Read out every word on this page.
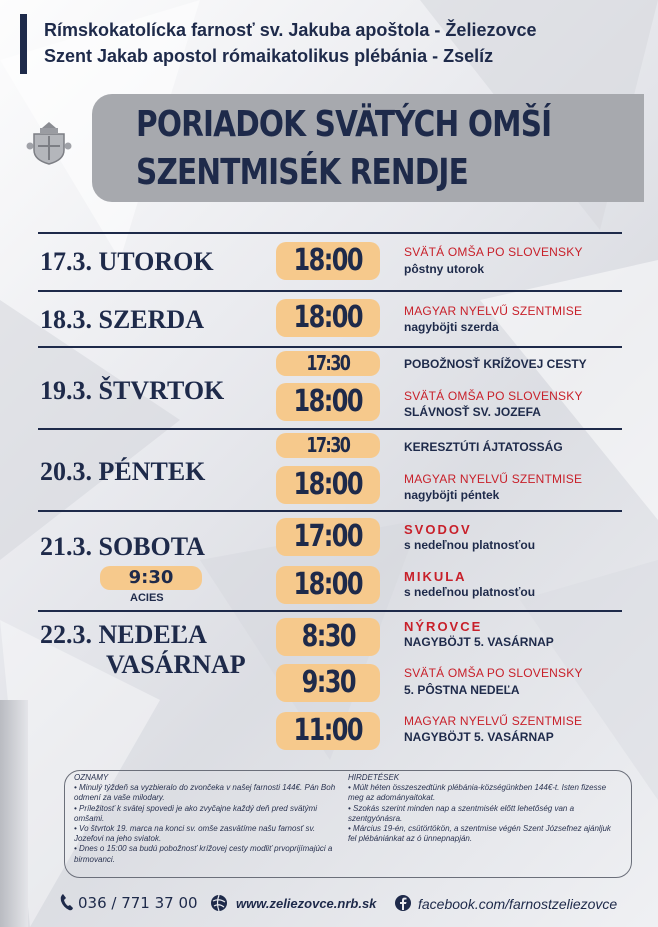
Rímskokatolícka farnosť sv. Jakuba apoštola - Želiezovce
Szent Jakab apostol rómaikatolikus plébánia - Zselíz
PORIADOK SVÄTÝCH OMŠÍ
SZENTMISÉK RENDJE
17.3. UTOROK
18.3. SZERDA
19.3. ŠTVRTOK
20.3. PÉNTEK
21.3. SOBOTA
22.3. NEDEĽA
VASÁRNAP
18:00
18:00
17:30
18:00
17:30
18:00
17:00
18:00
8:30
9:30
11:00
SVÄTÁ OMŠA PO SLOVENSKY
pôstny utorok
MAGYAR NYELVŰ SZENTMISE
nagyböjti szerda
POBOŽNOSŤ KRÍŽOVEJ CESTY
SVÄTÁ OMŠA PO SLOVENSKY
SLÁVNOSŤ SV. JOZEFA
KERESZTÚTI ÁJTATOSSÁG
MAGYAR NYELVŰ SZENTMISE
nagyböjti péntek
SVODOV
s nedeľnou platnosťou
MIKULA
s nedeľnou platnosťou
NÝROVCE
NAGYBÖJT 5. VASÁRNAP
SVÄTÁ OMŠA PO SLOVENSKY
5. PÔSTNA NEDEĽA
MAGYAR NYELVŰ SZENTMISE
NAGYBÖJT 5. VASÁRNAP
9:30
ACIES

OZNAMY

• Minulý týždeň sa vyzbieralo do zvončeka v našej farnosti 144€. Pán Boh odmení za vaše milodary.

• Príležitosť k svätej spovedi je ako zvyčajne každý deň pred svätými omšami.

• Vo štvrtok 19. marca na konci sv. omše zasvätíme našu farnosť sv. Jozefovi na jeho sviatok.

• Dnes o 15:00 sa budú pobožnosť krížovej cesty modliť prvoprijímajúci a birmovanci.

HIRDETÉSEK

• Múlt héten összeszedtünk plébánia-községünkben 144€-t. Isten fizesse meg az adományaitokat.

• Szokás szerint minden nap a szentmisék előtt lehetőség van a szentgyónásra.

• Március 19-én, csütörtökön, a szentmise végén Szent Józsefnez ajánljuk fel plébániánkat az ó ünnepnapján.

036 / 771 37 00	www.zeliezovce.nrb.sk	facebook.com/farnostzeliezovce
